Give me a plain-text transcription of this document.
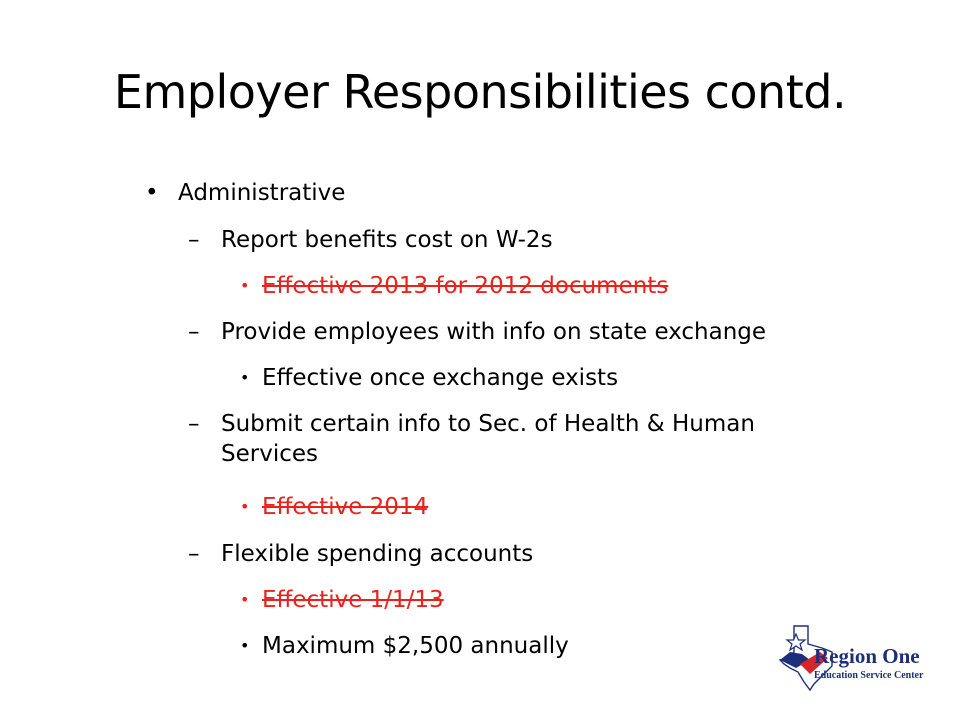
Employer Responsibilities contd.
• Administrative
– Report benefits cost on W-2s
• Effective 2013 for 2012 documents
– Provide employees with info on state exchange
• Effective once exchange exists
– Submit certain info to Sec. of Health & Human Services
• Effective 2014
– Flexible spending accounts
• Effective 1/1/13
• Maximum $2,500 annually	Region One
Education Service Center
